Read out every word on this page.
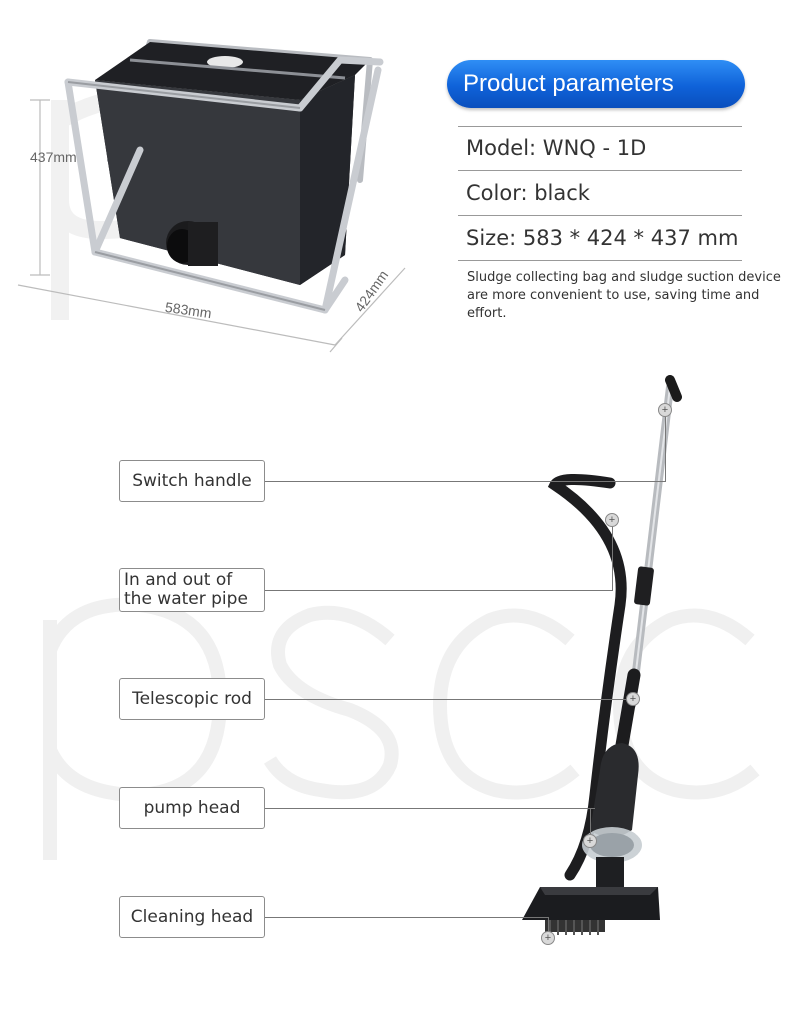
437mm
583mm	424mm
Product parameters
Model: WNQ - 1D
Color: black
Size: 583 * 424 * 437 mm
Sludge collecting bag and sludge suction device are more convenient to use, saving time and effort.
+
+
+
+
+
Switch handle
In and out of the water pipe
Telescopic rod
pump head
Cleaning head
